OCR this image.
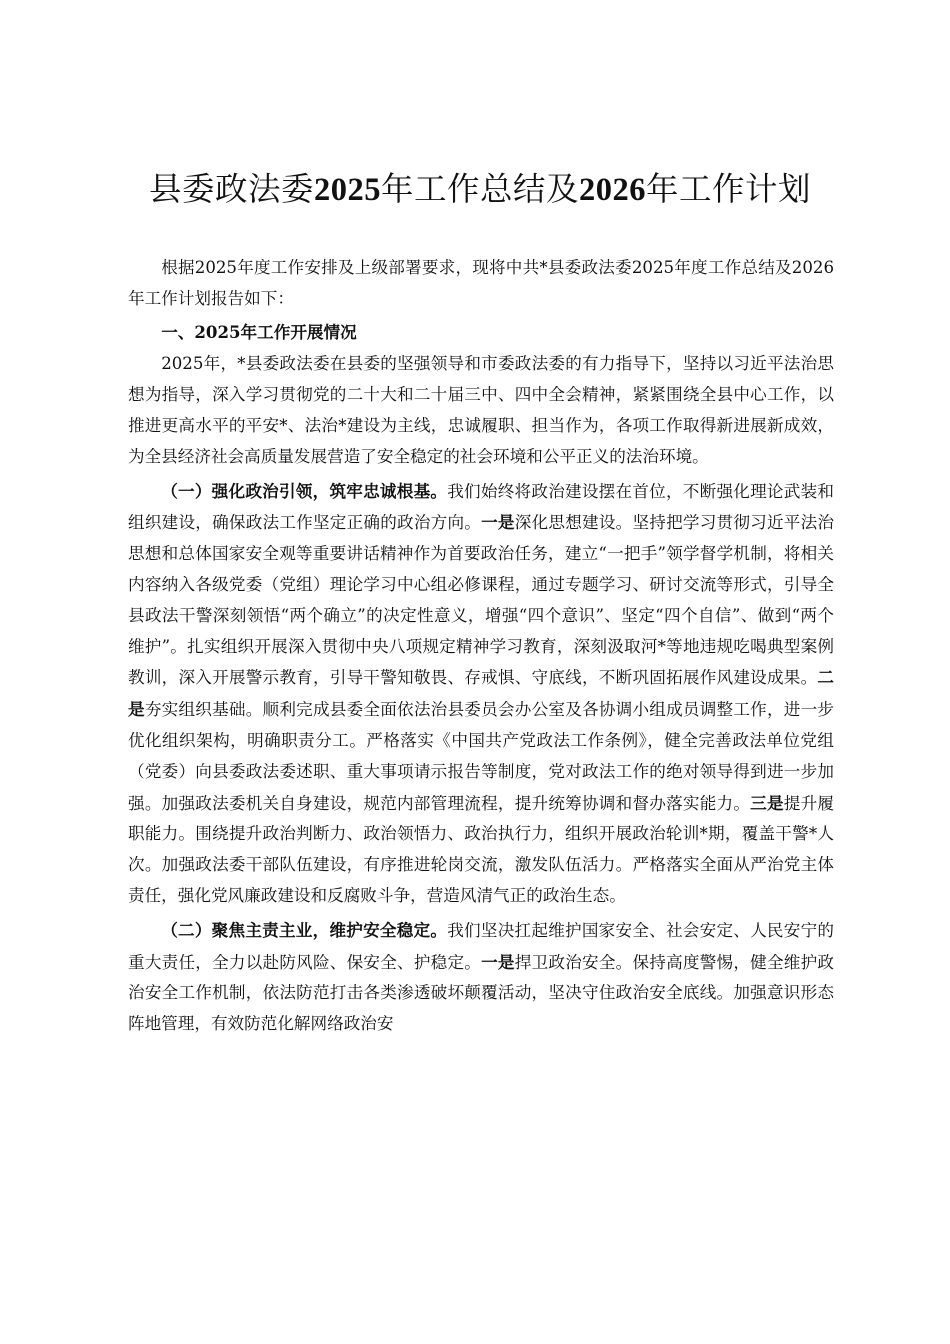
县委政法委2025年工作总结及2026年工作计划

根据2025年度工作安排及上级部署要求，现将中共*县委政法委2025年度工作总结及2026年工作计划报告如下：

一、2025年工作开展情况

2025年，*县委政法委在县委的坚强领导和市委政法委的有力指导下，坚持以习近平法治思想为指导，深入学习贯彻党的二十大和二十届三中、四中全会精神，紧紧围绕全县中心工作，以推进更高水平的平安*、法治*建设为主线，忠诚履职、担当作为，各项工作取得新进展新成效，为全县经济社会高质量发展营造了安全稳定的社会环境和公平正义的法治环境。

（一）强化政治引领，筑牢忠诚根基。我们始终将政治建设摆在首位，不断强化理论武装和组织建设，确保政法工作坚定正确的政治方向。一是深化思想建设。坚持把学习贯彻习近平法治思想和总体国家安全观等重要讲话精神作为首要政治任务，建立“一把手”领学督学机制，将相关内容纳入各级党委（党组）理论学习中心组必修课程，通过专题学习、研讨交流等形式，引导全县政法干警深刻领悟“两个确立”的决定性意义，增强“四个意识”、坚定“四个自信”、做到“两个维护”。扎实组织开展深入贯彻中央八项规定精神学习教育，深刻汲取河*等地违规吃喝典型案例教训，深入开展警示教育，引导干警知敬畏、存戒惧、守底线，不断巩固拓展作风建设成果。二是夯实组织基础。顺利完成县委全面依法治县委员会办公室及各协调小组成员调整工作，进一步优化组织架构，明确职责分工。严格落实《中国共产党政法工作条例》，健全完善政法单位党组（党委）向县委政法委述职、重大事项请示报告等制度，党对政法工作的绝对领导得到进一步加强。加强政法委机关自身建设，规范内部管理流程，提升统筹协调和督办落实能力。三是提升履职能力。围绕提升政治判断力、政治领悟力、政治执行力，组织开展政治轮训*期，覆盖干警*人次。加强政法委干部队伍建设，有序推进轮岗交流，激发队伍活力。严格落实全面从严治党主体责任，强化党风廉政建设和反腐败斗争，营造风清气正的政治生态。

（二）聚焦主责主业，维护安全稳定。我们坚决扛起维护国家安全、社会安定、人民安宁的重大责任，全力以赴防风险、保安全、护稳定。一是捍卫政治安全。保持高度警惕，健全维护政治安全工作机制，依法防范打击各类渗透破坏颠覆活动，坚决守住政治安全底线。加强意识形态阵地管理，有效防范化解网络政治安
